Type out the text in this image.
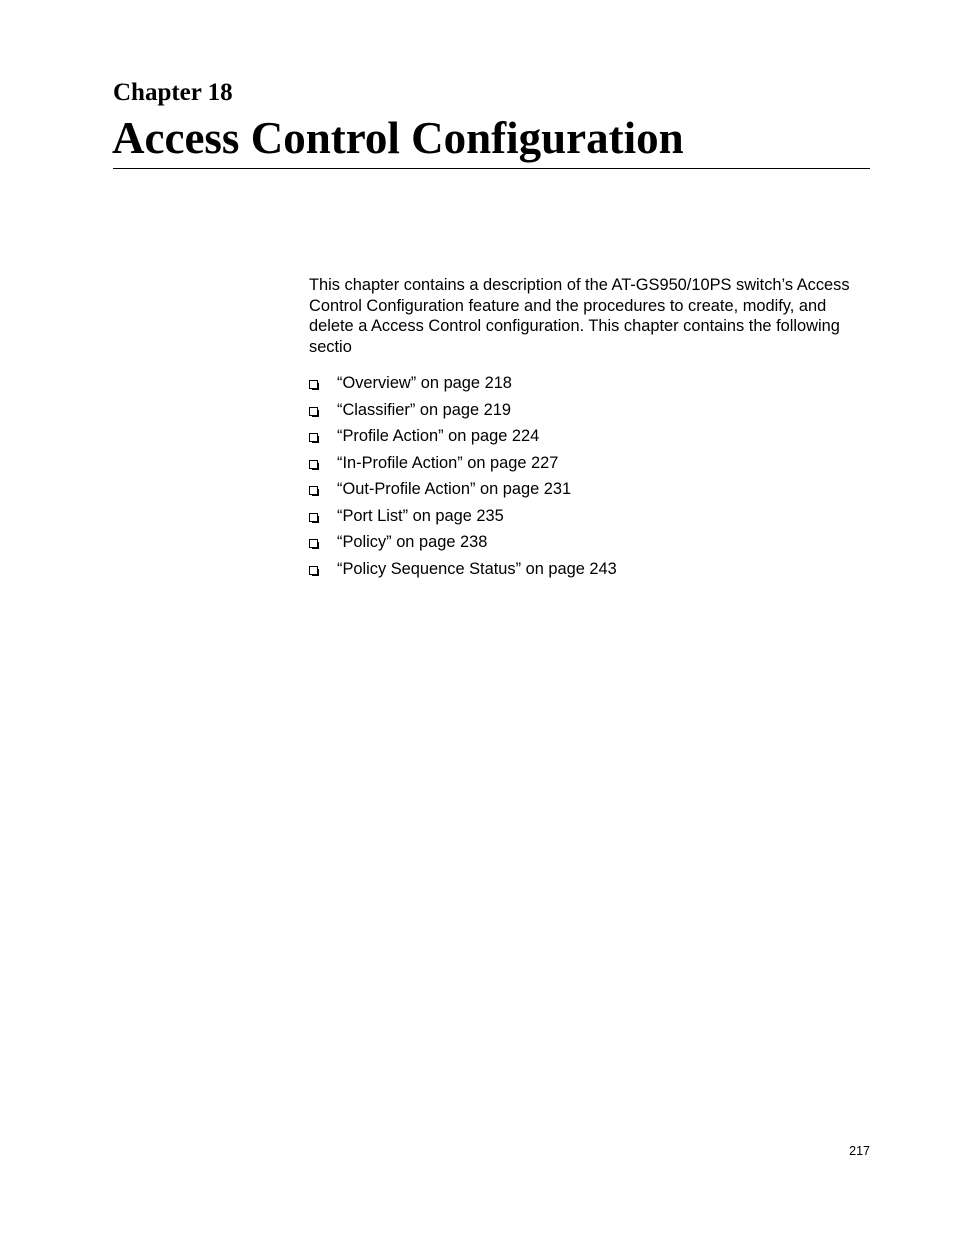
Chapter 18
Access Control Configuration

This chapter contains a description of the AT-GS950/10PS switch’s Access Control Configuration feature and the procedures to create, modify, and delete a Access Control configuration. This chapter contains the following sectio

“Overview” on page 218
“Classifier” on page 219
“Profile Action” on page 224
“In-Profile Action” on page 227
“Out-Profile Action” on page 231
“Port List” on page 235
“Policy” on page 238
“Policy Sequence Status” on page 243

217
